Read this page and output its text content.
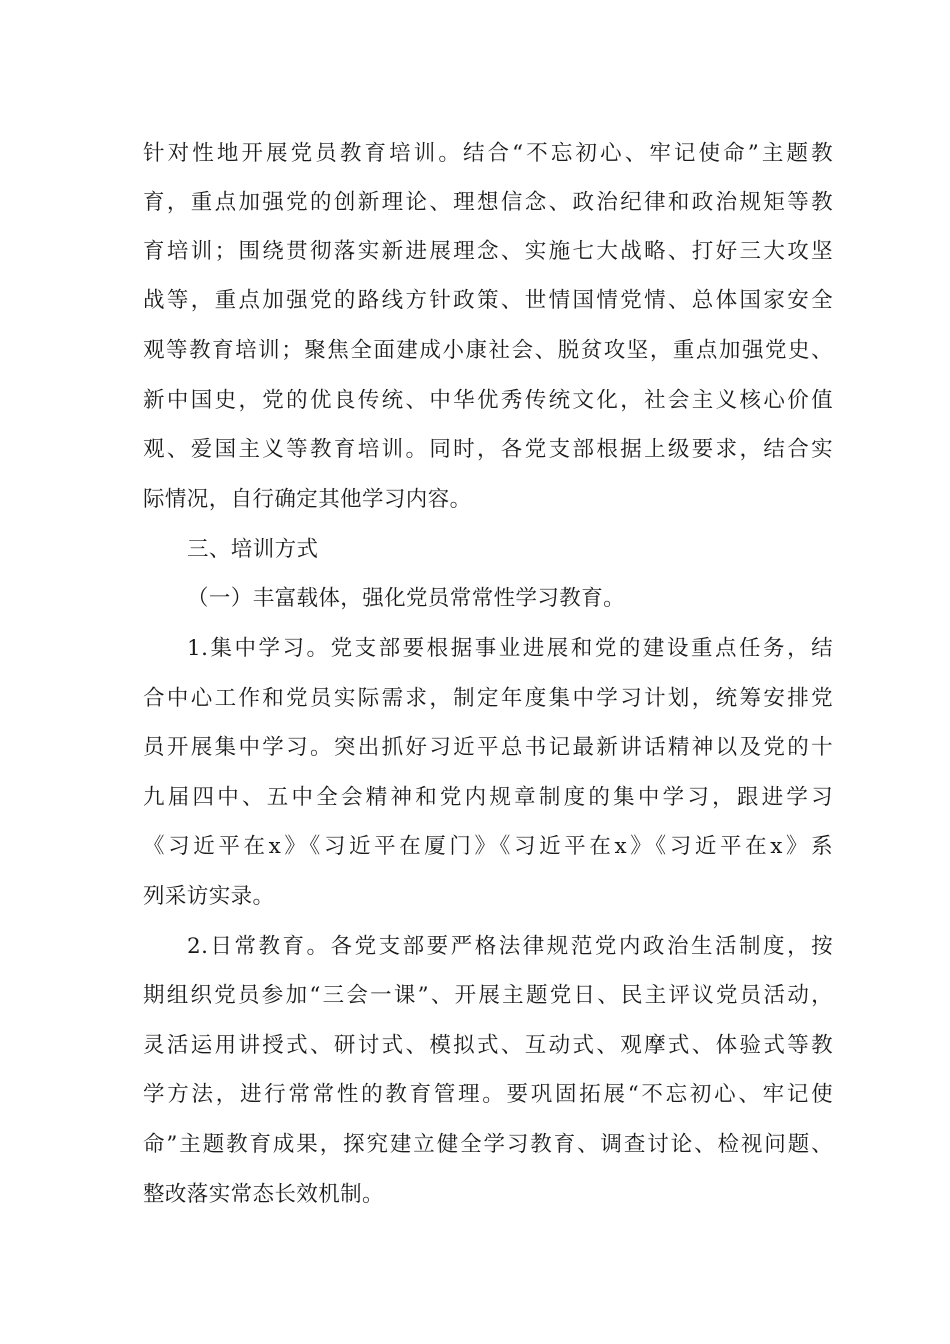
针对性地开展党员教育培训。结合“不忘初心、牢记使命”主题教
育，重点加强党的创新理论、理想信念、政治纪律和政治规矩等教
育培训；围绕贯彻落实新进展理念、实施七大战略、打好三大攻坚
战等，重点加强党的路线方针政策、世情国情党情、总体国家安全
观等教育培训；聚焦全面建成小康社会、脱贫攻坚，重点加强党史、
新中国史，党的优良传统、中华优秀传统文化，社会主义核心价值
观、爱国主义等教育培训。同时，各党支部根据上级要求，结合实
际情况，自行确定其他学习内容。
三、培训方式
（一）丰富载体，强化党员常常性学习教育。
1.集中学习。党支部要根据事业进展和党的建设重点任务，结
合中心工作和党员实际需求，制定年度集中学习计划，统筹安排党
员开展集中学习。突出抓好习近平总书记最新讲话精神以及党的十
九届四中、五中全会精神和党内规章制度的集中学习，跟进学习
《习近平在x》《习近平在厦门》《习近平在x》《习近平在x》系
列采访实录。
2.日常教育。各党支部要严格法律规范党内政治生活制度，按
期组织党员参加“三会一课”、开展主题党日、民主评议党员活动，
灵活运用讲授式、研讨式、模拟式、互动式、观摩式、体验式等教
学方法，进行常常性的教育管理。要巩固拓展“不忘初心、牢记使
命”主题教育成果，探究建立健全学习教育、调查讨论、检视问题、
整改落实常态长效机制。
